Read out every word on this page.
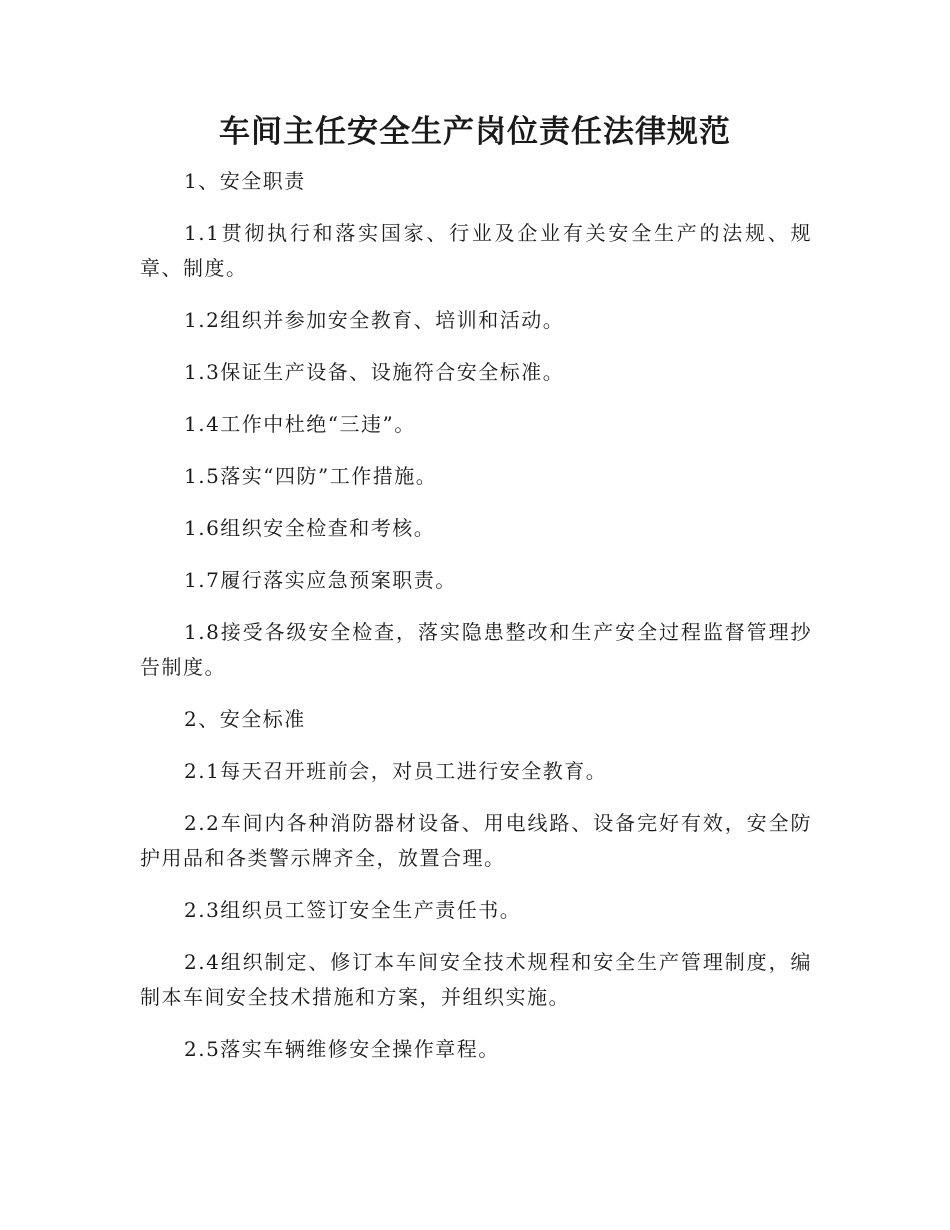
车间主任安全生产岗位责任法律规范

1、安全职责

1.1贯彻执行和落实国家、行业及企业有关安全生产的法规、规章、制度。

1.2组织并参加安全教育、培训和活动。

1.3保证生产设备、设施符合安全标准。

1.4工作中杜绝“三违”。

1.5落实“四防”工作措施。

1.6组织安全检查和考核。

1.7履行落实应急预案职责。

1.8接受各级安全检查，落实隐患整改和生产安全过程监督管理抄告制度。

2、安全标准

2.1每天召开班前会，对员工进行安全教育。

2.2车间内各种消防器材设备、用电线路、设备完好有效，安全防护用品和各类警示牌齐全，放置合理。

2.3组织员工签订安全生产责任书。

2.4组织制定、修订本车间安全技术规程和安全生产管理制度，编制本车间安全技术措施和方案，并组织实施。

2.5落实车辆维修安全操作章程。
